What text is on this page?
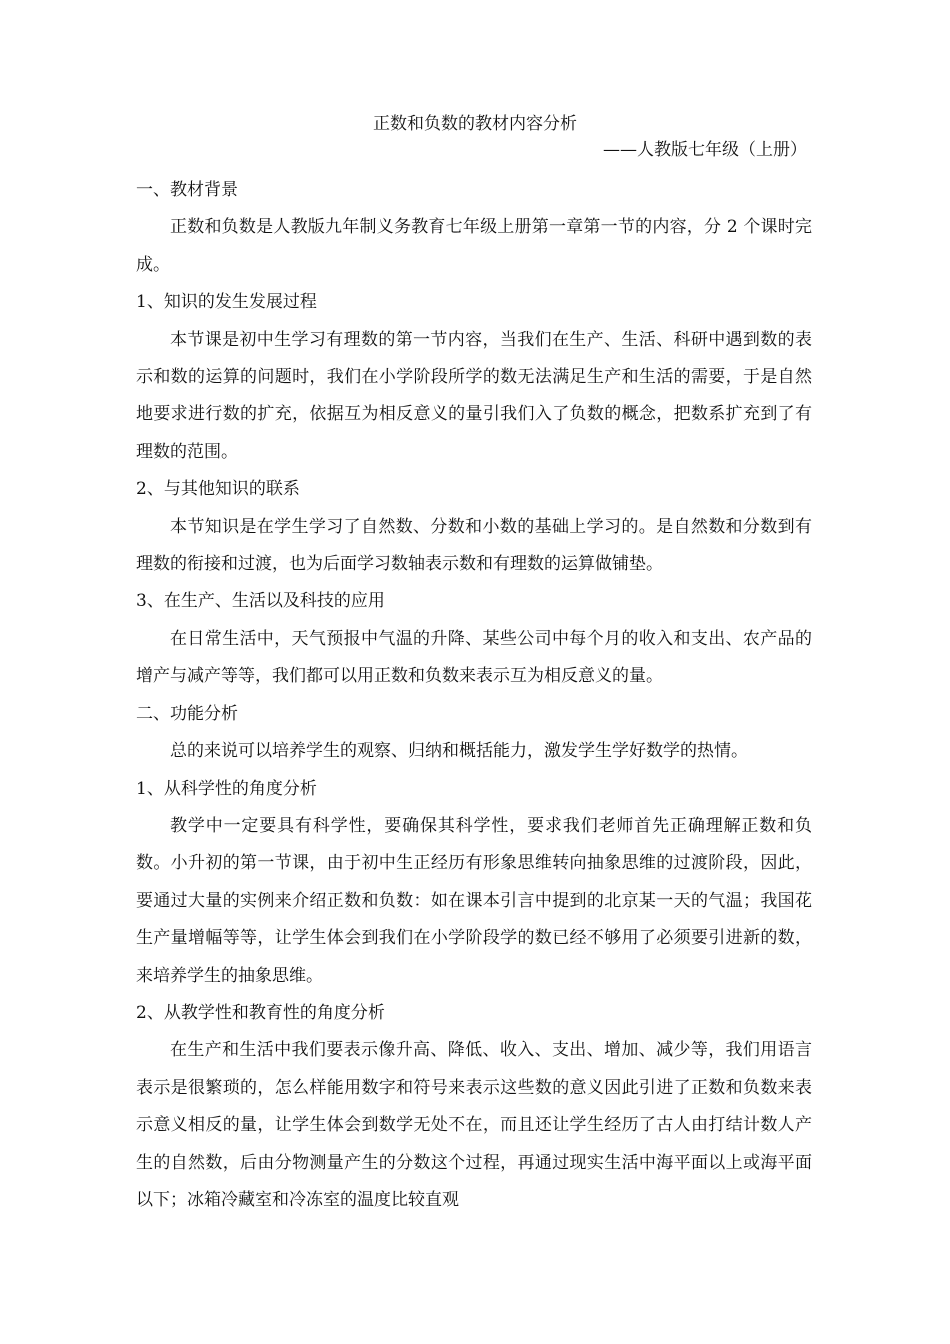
正数和负数的教材内容分析
——人教版七年级（上册）

一、教材背景

正数和负数是人教版九年制义务教育七年级上册第一章第一节的内容，分 2 个课时完成。

1、知识的发生发展过程

本节课是初中生学习有理数的第一节内容，当我们在生产、生活、科研中遇到数的表示和数的运算的问题时，我们在小学阶段所学的数无法满足生产和生活的需要，于是自然地要求进行数的扩充，依据互为相反意义的量引我们入了负数的概念，把数系扩充到了有理数的范围。

2、与其他知识的联系

本节知识是在学生学习了自然数、分数和小数的基础上学习的。是自然数和分数到有理数的衔接和过渡，也为后面学习数轴表示数和有理数的运算做铺垫。

3、在生产、生活以及科技的应用

在日常生活中，天气预报中气温的升降、某些公司中每个月的收入和支出、农产品的增产与减产等等，我们都可以用正数和负数来表示互为相反意义的量。

二、功能分析

总的来说可以培养学生的观察、归纳和概括能力，激发学生学好数学的热情。

1、从科学性的角度分析

教学中一定要具有科学性，要确保其科学性，要求我们老师首先正确理解正数和负数。小升初的第一节课，由于初中生正经历有形象思维转向抽象思维的过渡阶段，因此，要通过大量的实例来介绍正数和负数：如在课本引言中提到的北京某一天的气温；我国花生产量增幅等等，让学生体会到我们在小学阶段学的数已经不够用了必须要引进新的数，来培养学生的抽象思维。

2、从教学性和教育性的角度分析

在生产和生活中我们要表示像升高、降低、收入、支出、增加、减少等，我们用语言表示是很繁琐的，怎么样能用数字和符号来表示这些数的意义因此引进了正数和负数来表示意义相反的量，让学生体会到数学无处不在，而且还让学生经历了古人由打结计数人产生的自然数，后由分物测量产生的分数这个过程，再通过现实生活中海平面以上或海平面以下；冰箱冷藏室和冷冻室的温度比较直观
